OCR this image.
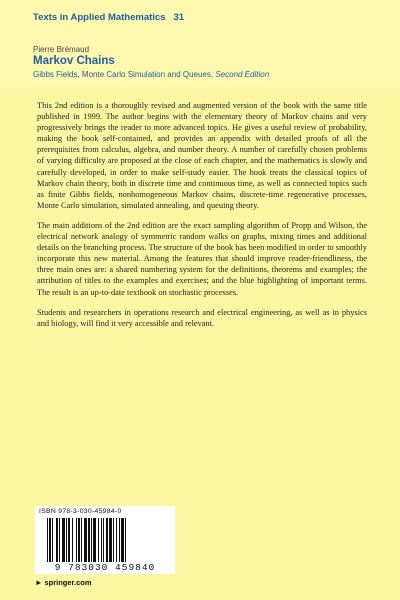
Texts in Applied Mathematics 31
Pierre Brémaud
Markov Chains
Gibbs Fields, Monte Carlo Simulation and Queues, Second Edition

This 2nd edition is a thoroughly revised and augmented version of the book with the same title published in 1999. The author begins with the elementary theory of Markov chains and very progressively brings the reader to more advanced topics. He gives a useful review of probability, making the book self-contained, and provides an appendix with detailed proofs of all the prerequisites from calculus, algebra, and number theory. A number of carefully chosen problems of varying difficulty are proposed at the close of each chapter, and the mathematics is slowly and carefully developed, in order to make self-study easier. The book treats the classical topics of Markov chain theory, both in discrete time and continuous time, as well as connected topics such as finite Gibbs fields, nonhomogeneous Markov chains, discrete-time regenerative processes, Monte Carlo simulation, simulated annealing, and queuing theory.

The main additions of the 2nd edition are the exact sampling algorithm of Propp and Wilson, the electrical network analogy of symmetric random walks on graphs, mixing times and additional details on the branching process. The structure of the book has been modified in order to smoothly incorporate this new material. Among the features that should improve reader-friendliness, the three main ones are: a shared numbering system for the definitions, theorems and examples; the attribution of titles to the examples and exercises; and the blue highlighting of important terms. The result is an up-to-date textbook on stochastic processes.

Students and researchers in operations research and electrical engineering, as well as in physics and biology, will find it very accessible and relevant.

ISBN 978-3-030-45984-0
9 783030 459840
► springer.com
